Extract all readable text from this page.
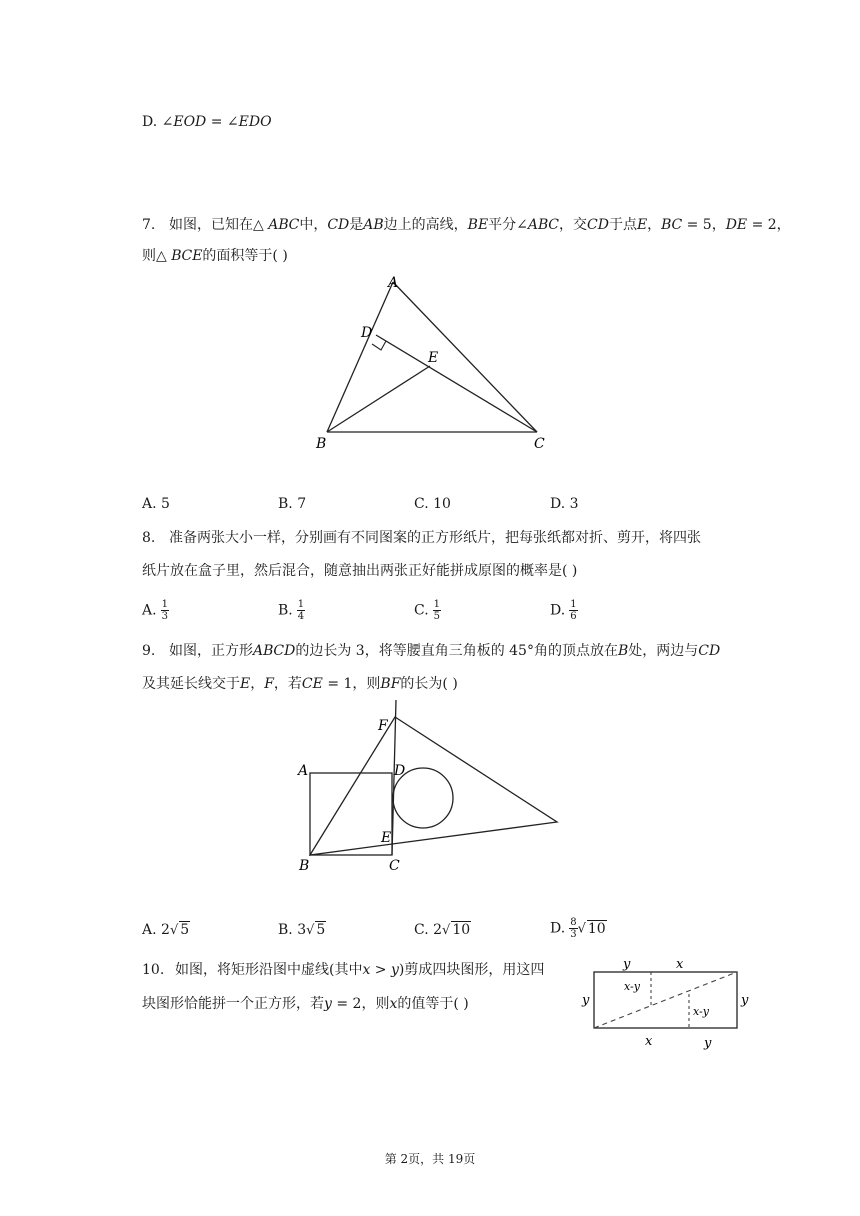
D. ∠𝐸𝑂𝐷 = ∠𝐸𝐷𝑂
7. 如图，已知在△ 𝐴𝐵𝐶中，𝐶𝐷是𝐴𝐵边上的高线，𝐵𝐸平分∠𝐴𝐵𝐶，交𝐶𝐷于点𝐸，𝐵𝐶 = 5，𝐷𝐸 = 2，
则△ 𝐵𝐶𝐸的面积等于( )
A
D
E
B	C
A. 5	B. 7	C. 10	D. 3
8. 准备两张大小一样，分别画有不同图案的正方形纸片，把每张纸都对折、剪开，将四张
纸片放在盒子里，然后混合，随意抽出两张正好能拼成原图的概率是( )
A. $\frac{1}{3}$	B. $\frac{1}{4}$	C. $\frac{1}{5}$	D. $\frac{1}{6}$
9. 如图，正方形𝐴𝐵𝐶𝐷的边长为 3，将等腰直角三角板的 45°角的顶点放在𝐵处，两边与𝐶𝐷
及其延长线交于𝐸，𝐹，若𝐶𝐸 = 1，则𝐵𝐹的长为( )
F
A	D
E
B	C
A. 2√ 5	B. 3√ 5	C. 2√ 10	D. $\frac{8}{3}$ √ 10
10. 如图，将矩形沿图中虚线(其中𝑥 > 𝑦)剪成四块图形，用这四
块图形恰能拼一个正方形，若𝑦 = 2，则𝑥的值等于( )
y	x
y	y
x-y
x-y
x	y
第 2页，共 19页
